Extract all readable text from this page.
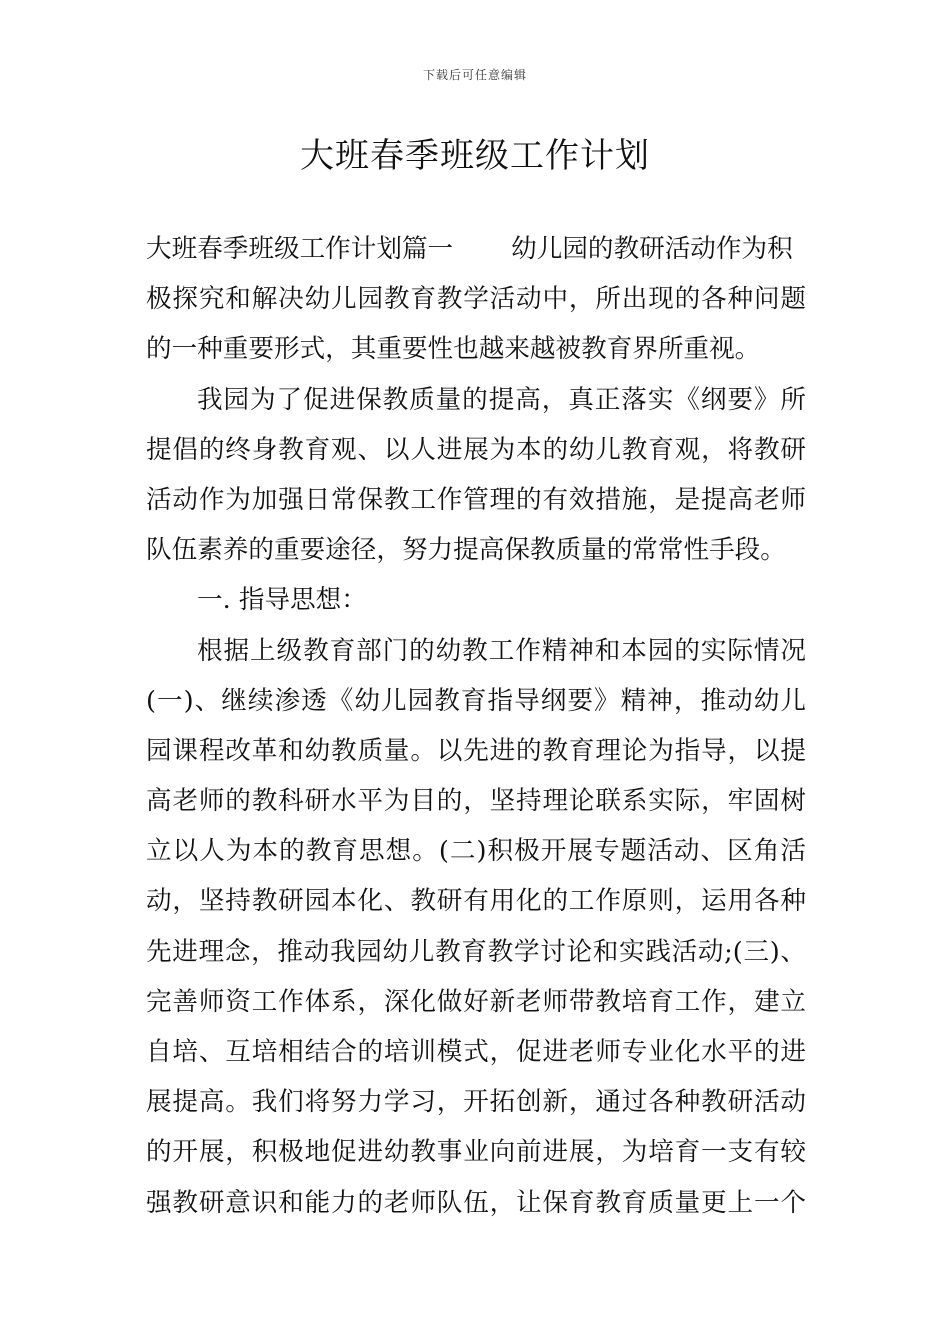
下载后可任意编辑
大班春季班级工作计划
大班春季班级工作计划篇一 幼儿园的教研活动作为积
极探究和解决幼儿园教育教学活动中，所出现的各种问题
的一种重要形式，其重要性也越来越被教育界所重视。
我园为了促进保教质量的提高，真正落实《纲要》所
提倡的终身教育观、以人进展为本的幼儿教育观，将教研
活动作为加强日常保教工作管理的有效措施，是提高老师
队伍素养的重要途径，努力提高保教质量的常常性手段。
一. 指导思想：
根据上级教育部门的幼教工作精神和本园的实际情况
(一)、继续渗透《幼儿园教育指导纲要》精神，推动幼儿
园课程改革和幼教质量。以先进的教育理论为指导，以提
高老师的教科研水平为目的，坚持理论联系实际，牢固树
立以人为本的教育思想。(二)积极开展专题活动、区角活
动，坚持教研园本化、教研有用化的工作原则，运用各种
先进理念，推动我园幼儿教育教学讨论和实践活动;(三)、
完善师资工作体系，深化做好新老师带教培育工作，建立
自培、互培相结合的培训模式，促进老师专业化水平的进
展提高。我们将努力学习，开拓创新，通过各种教研活动
的开展，积极地促进幼教事业向前进展，为培育一支有较
强教研意识和能力的老师队伍，让保育教育质量更上一个
